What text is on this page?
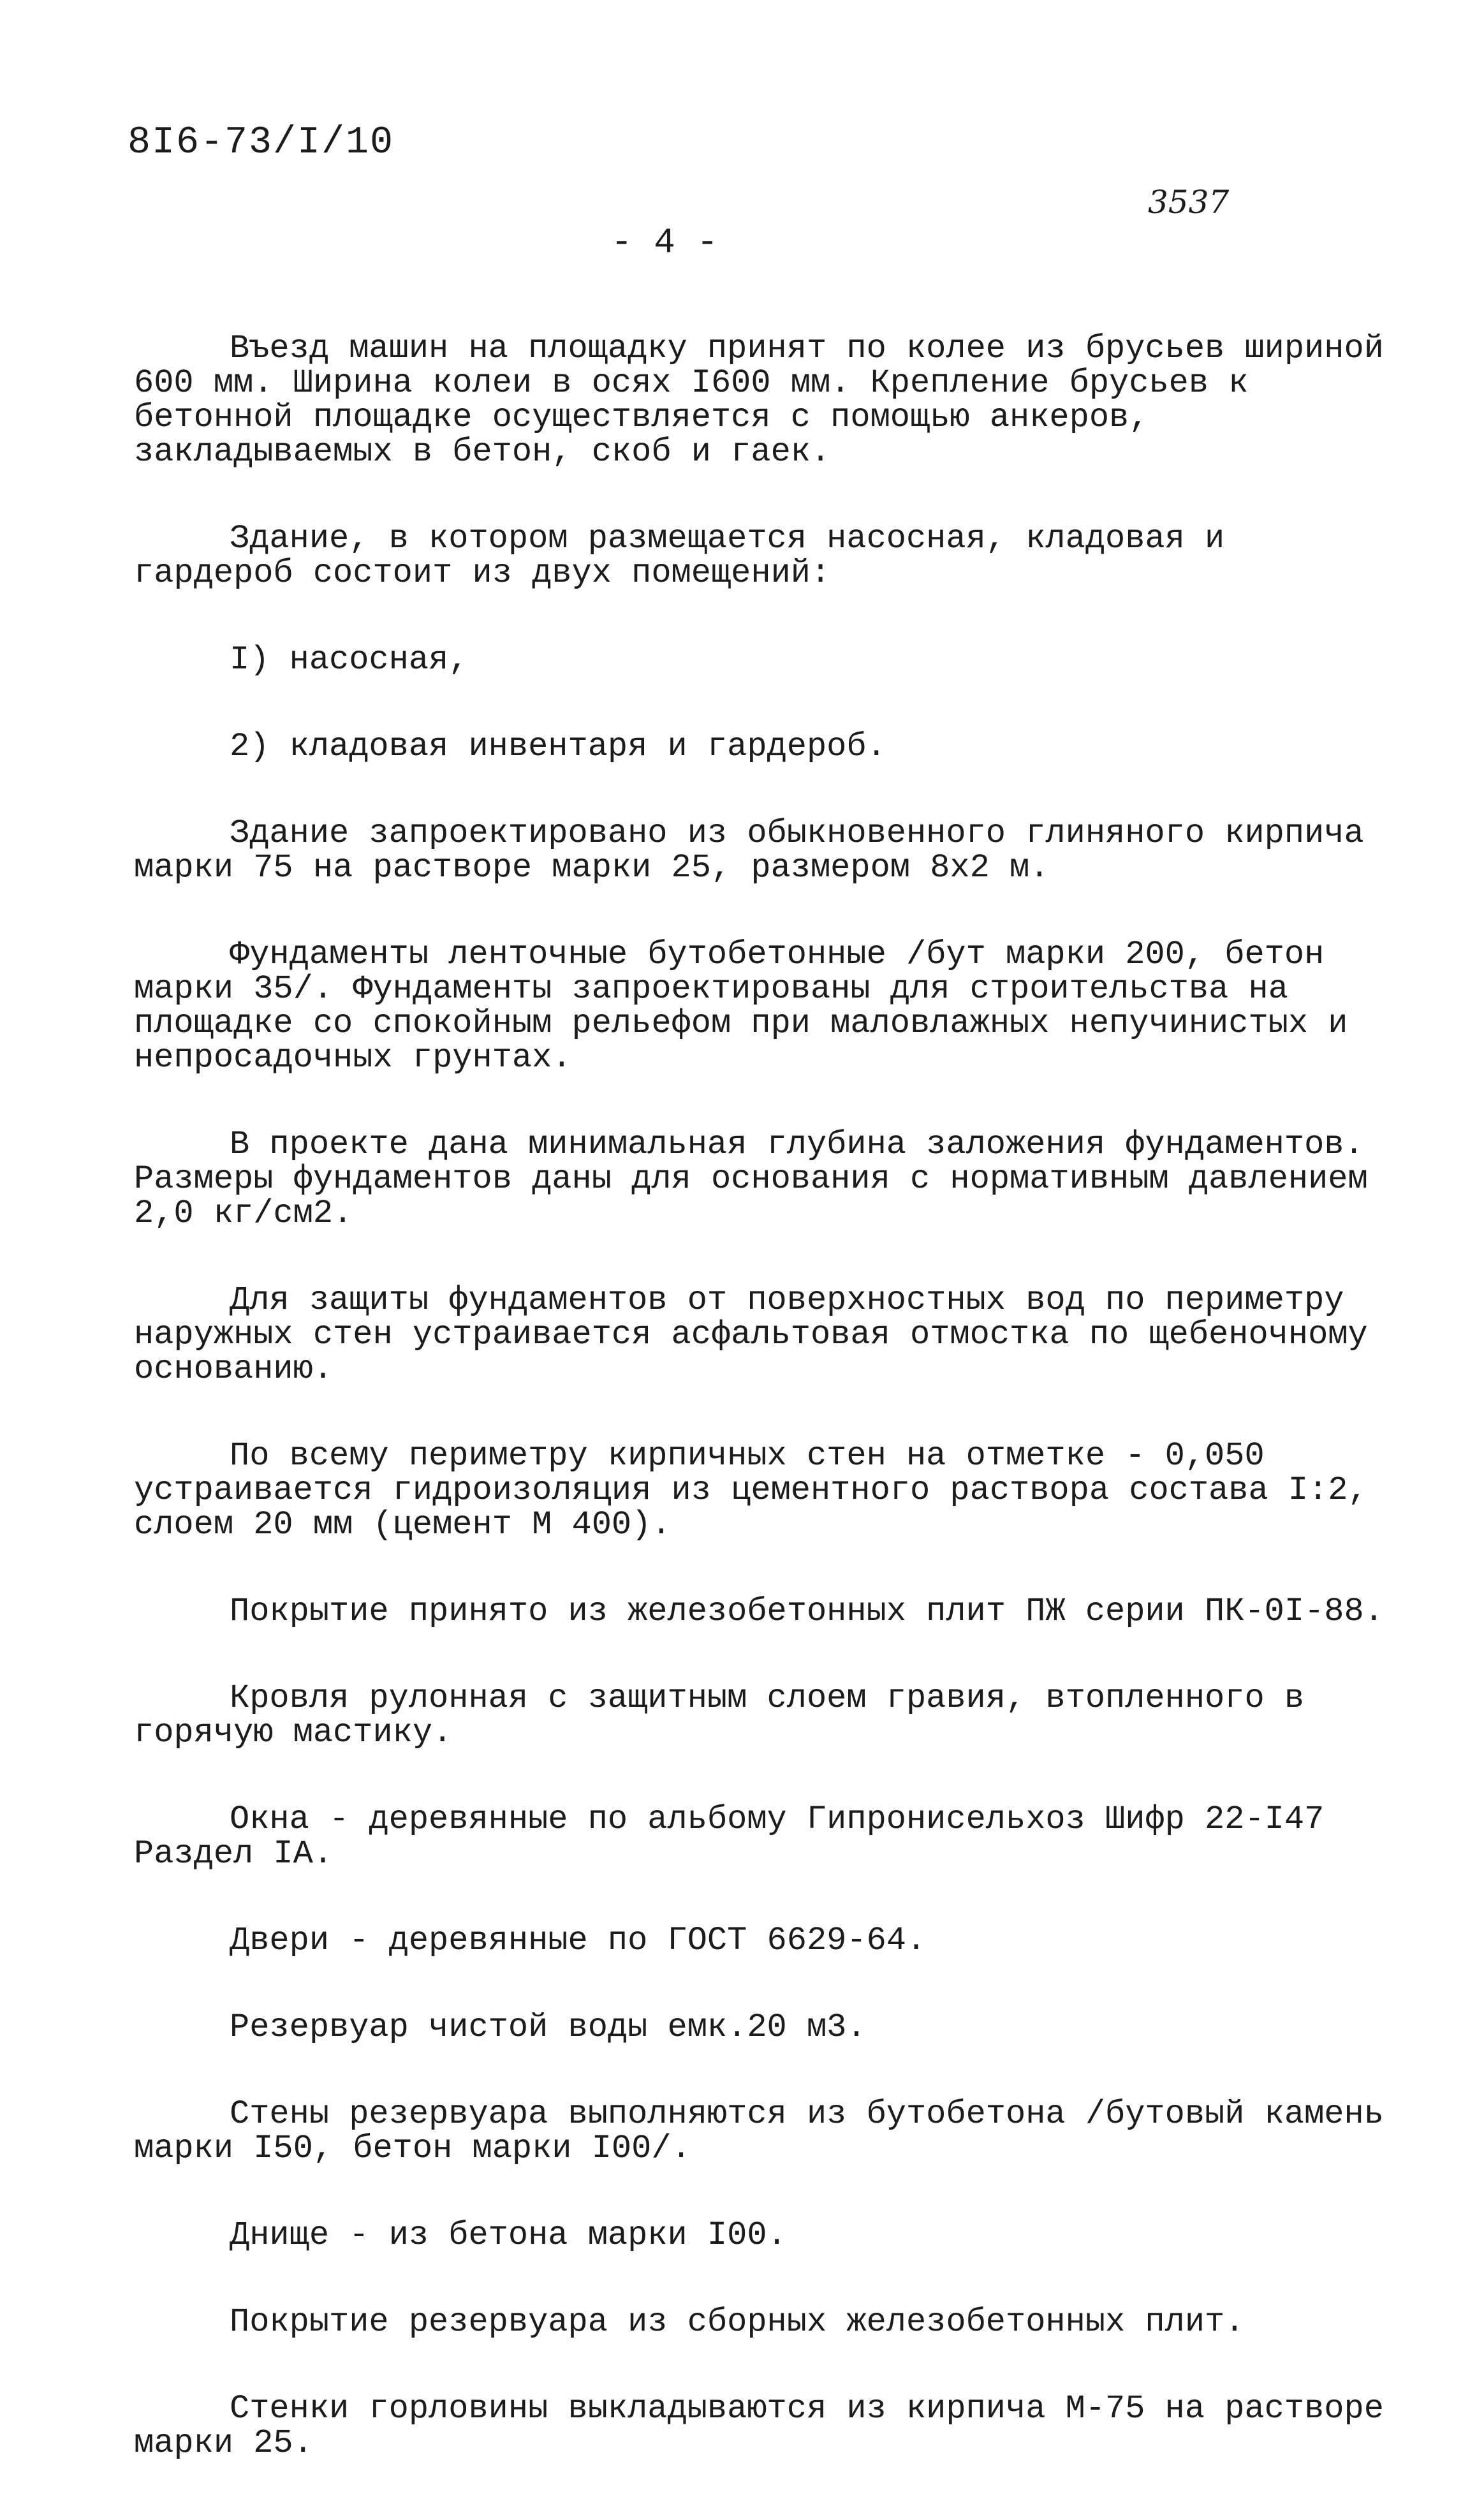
8I6-73/I/10
3537
- 4 -

Въезд машин на площадку принят по колее из брусьев шириной 600 мм. Ширина колеи в осях I600 мм. Крепление брусьев к бетонной площадке осуществляется с помощью анкеров, закладываемых в бетон, скоб и гаек.

Здание, в котором размещается насосная, кладовая и гардероб состоит из двух помещений:

I) насосная,
2) кладовая инвентаря и гардероб.

Здание запроектировано из обыкновенного глиняного кирпича марки 75 на растворе марки 25, размером 8х2 м.

Фундаменты ленточные бутобетонные /бут марки 200, бетон марки 35/. Фундаменты запроектированы для строительства на площадке со спокойным рельефом при маловлажных непучинистых и непросадочных грунтах.

В проекте дана минимальная глубина заложения фундаментов. Размеры фундаментов даны для основания с нормативным давлением 2,0 кг/см2.

Для защиты фундаментов от поверхностных вод по периметру наружных стен устраивается асфальтовая отмостка по щебеночному основанию.

По всему периметру кирпичных стен на отметке - 0,050 устраивается гидроизоляция из цементного раствора состава I:2, слоем 20 мм (цемент М 400).

Покрытие принято из железобетонных плит ПЖ серии ПК-0I-88.

Кровля рулонная с защитным слоем гравия, втопленного в горячую мастику.

Окна - деревянные по альбому Гипронисельхоз Шифр 22-I47 Раздел IА.

Двери - деревянные по ГОСТ 6629-64.

Резервуар чистой воды емк.20 м3.

Стены резервуара выполняются из бутобетона /бутовый камень марки I50, бетон марки I00/.

Днище - из бетона марки I00.

Покрытие резервуара из сборных железобетонных плит.

Стенки горловины выкладываются из кирпича М-75 на растворе марки 25.
